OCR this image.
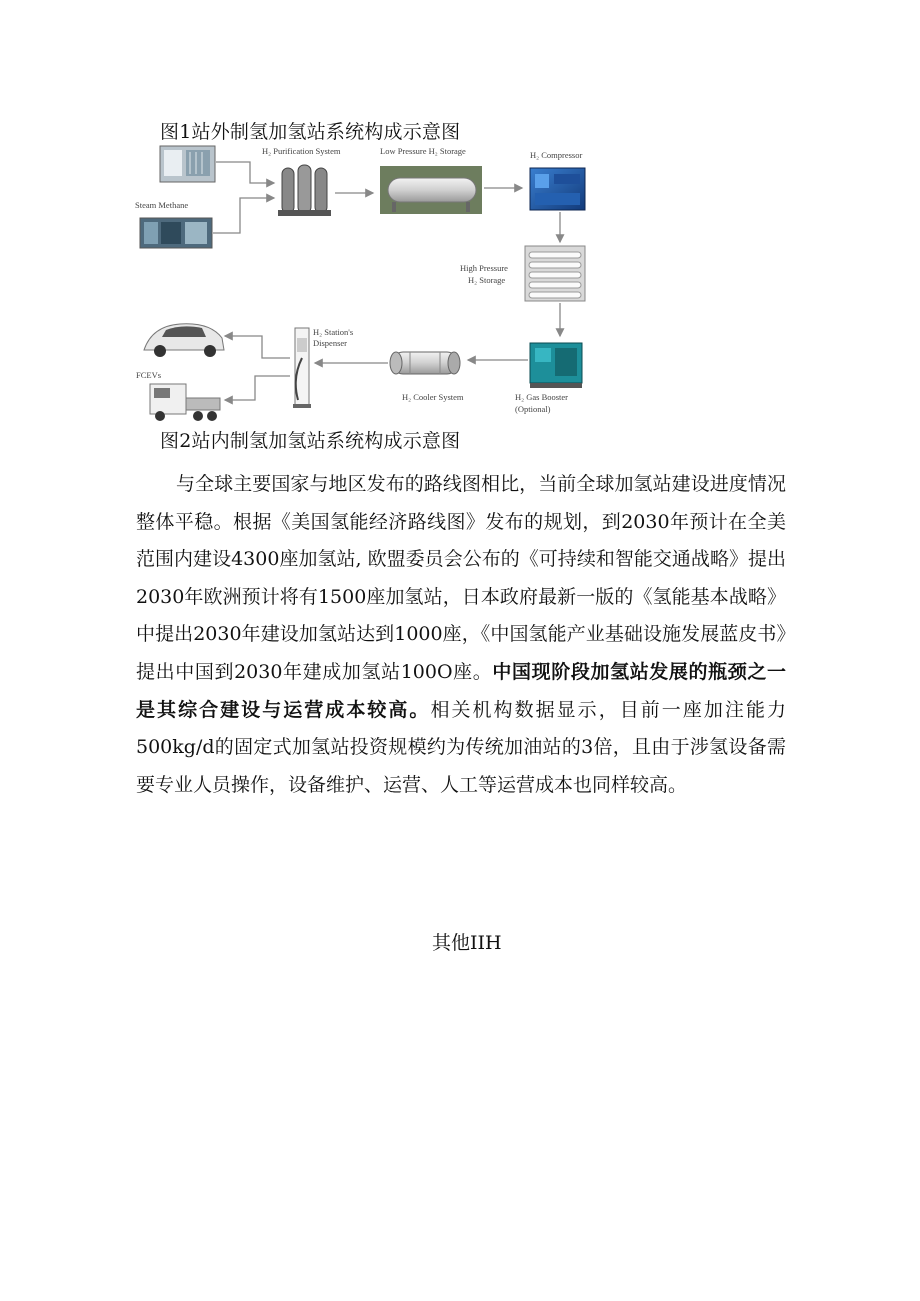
图1站外制氢加氢站系统构成示意图
Steam Methane
H₂ Purification System	Low Pressure H₂ Storage	H₂ Compressor
High Pressure
H₂ Storage
H₂ Gas Booster
(Optional)
H₂ Cooler System
H₂ Station's
Dispenser
FCEVs
图2站内制氢加氢站系统构成示意图

与全球主要国家与地区发布的路线图相比，当前全球加氢站建设进度情况整体平稳。根据《美国氢能经济路线图》发布的规划，到2030年预计在全美范围内建设4300座加氢站, 欧盟委员会公布的《可持续和智能交通战略》提出2030年欧洲预计将有1500座加氢站，日本政府最新一版的《氢能基本战略》中提出2030年建设加氢站达到1000座，《中国氢能产业基础设施发展蓝皮书》提出中国到2030年建成加氢站100O座。中国现阶段加氢站发展的瓶颈之一是其综合建设与运营成本较高。相关机构数据显示，目前一座加注能力500kg/d的固定式加氢站投资规模约为传统加油站的3倍，且由于涉氢设备需要专业人员操作，设备维护、运营、人工等运营成本也同样较高。

其他IIH
